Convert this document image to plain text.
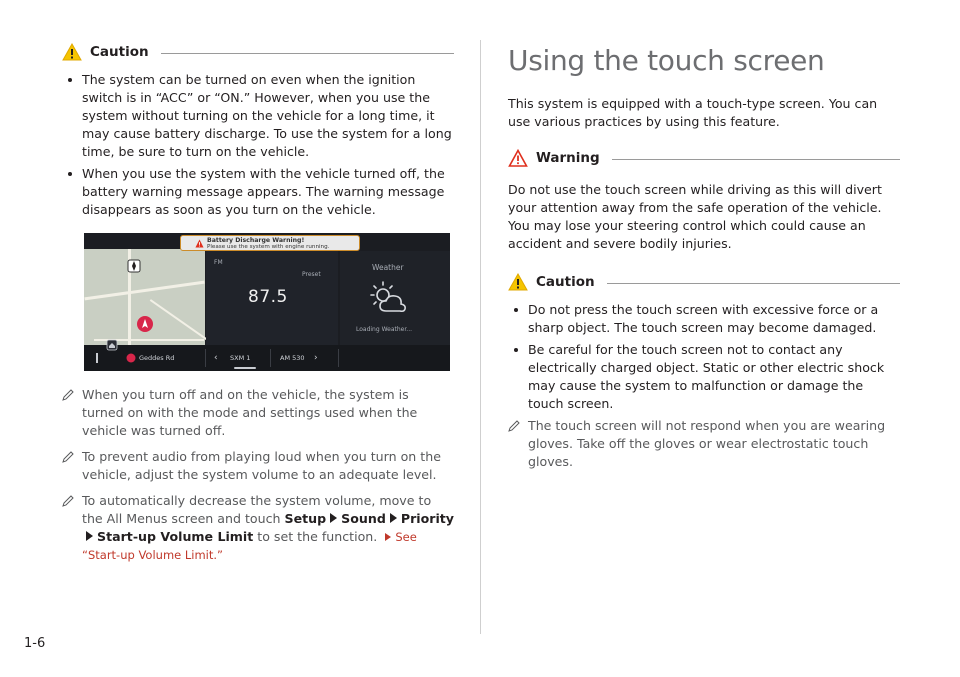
Caution
The system can be turned on even when the ignition switch is in “ACC” or “ON.” However, when you use the system without turning on the vehicle for a long time, it may cause battery discharge. To use the system for a long time, be sure to turn on the vehicle.
When you use the system with the vehicle turned off, the battery warning message appears. The warning message disappears as soon as you turn on the vehicle.
Battery Discharge Warning!
Please use the system with engine running.
FM
Preset
87.5
Weather
Loading Weather...
Geddes Rd	‹ SXM 1	AM 530 ›
When you turn off and on the vehicle, the system is turned on with the mode and settings used when the vehicle was turned off.
To prevent audio from playing loud when you turn on the vehicle, adjust the system volume to an adequate level.
To automatically decrease the system volume, move to the All Menus screen and touch Setup Sound PriorityStart-up Volume Limit to set the function. See “Start-up Volume Limit.”
Using the touch screen

This system is equipped with a touch-type screen. You can use various practices by using this feature.

Warning

Do not use the touch screen while driving as this will divert your attention away from the safe operation of the vehicle. You may lose your steering control which could cause an accident and severe bodily injuries.

Caution
Do not press the touch screen with excessive force or a sharp object. The touch screen may become damaged.
Be careful for the touch screen not to contact any electrically charged object. Static or other electric shock may cause the system to malfunction or damage the touch screen.
The touch screen will not respond when you are wearing gloves. Take off the gloves or wear electrostatic touch gloves.
1-6
